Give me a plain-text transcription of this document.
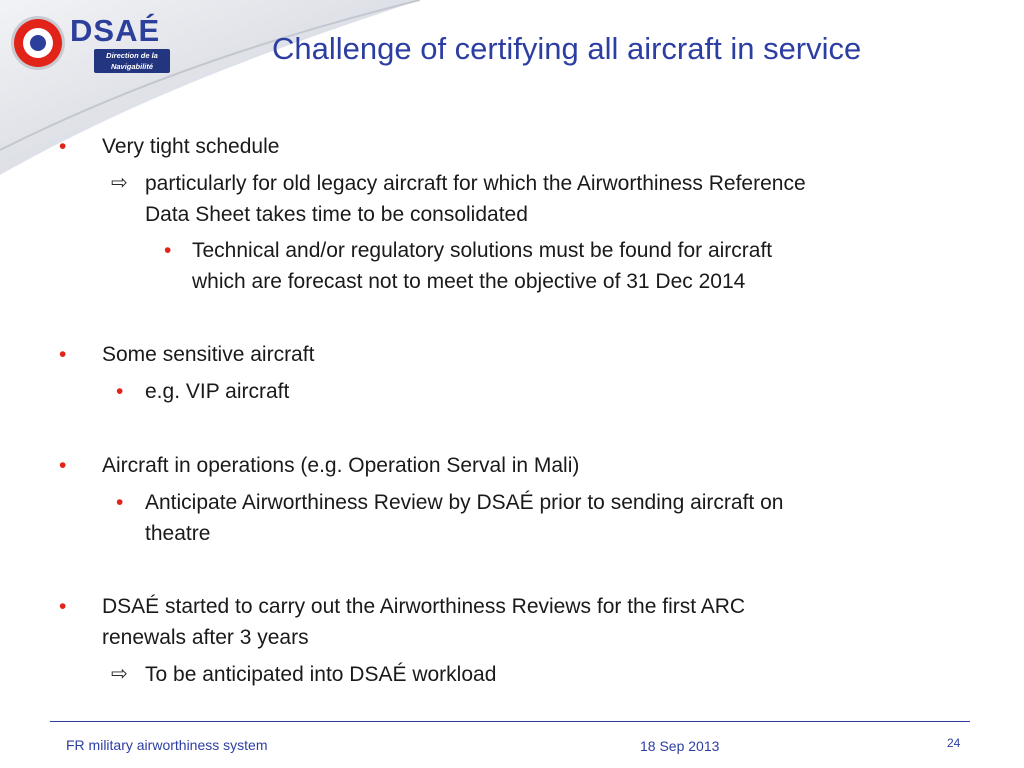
DSAÉ
Direction de la
Navigabilité
Challenge of certifying all aircraft in service
• Very tight schedule
⇨ particularly for old legacy aircraft for which the Airworthiness Reference
Data Sheet takes time to be consolidated
• Technical and/or regulatory solutions must be found for aircraft
which are forecast not to meet the objective of 31 Dec 2014
• Some sensitive aircraft
• e.g. VIP aircraft
• Aircraft in operations (e.g. Operation Serval in Mali)
• Anticipate Airworthiness Review by DSAÉ prior to sending aircraft on
theatre
• DSAÉ started to carry out the Airworthiness Reviews for the first ARC
renewals after 3 years
⇨ To be anticipated into DSAÉ workload
FR military airworthiness system	18 Sep 2013	24
